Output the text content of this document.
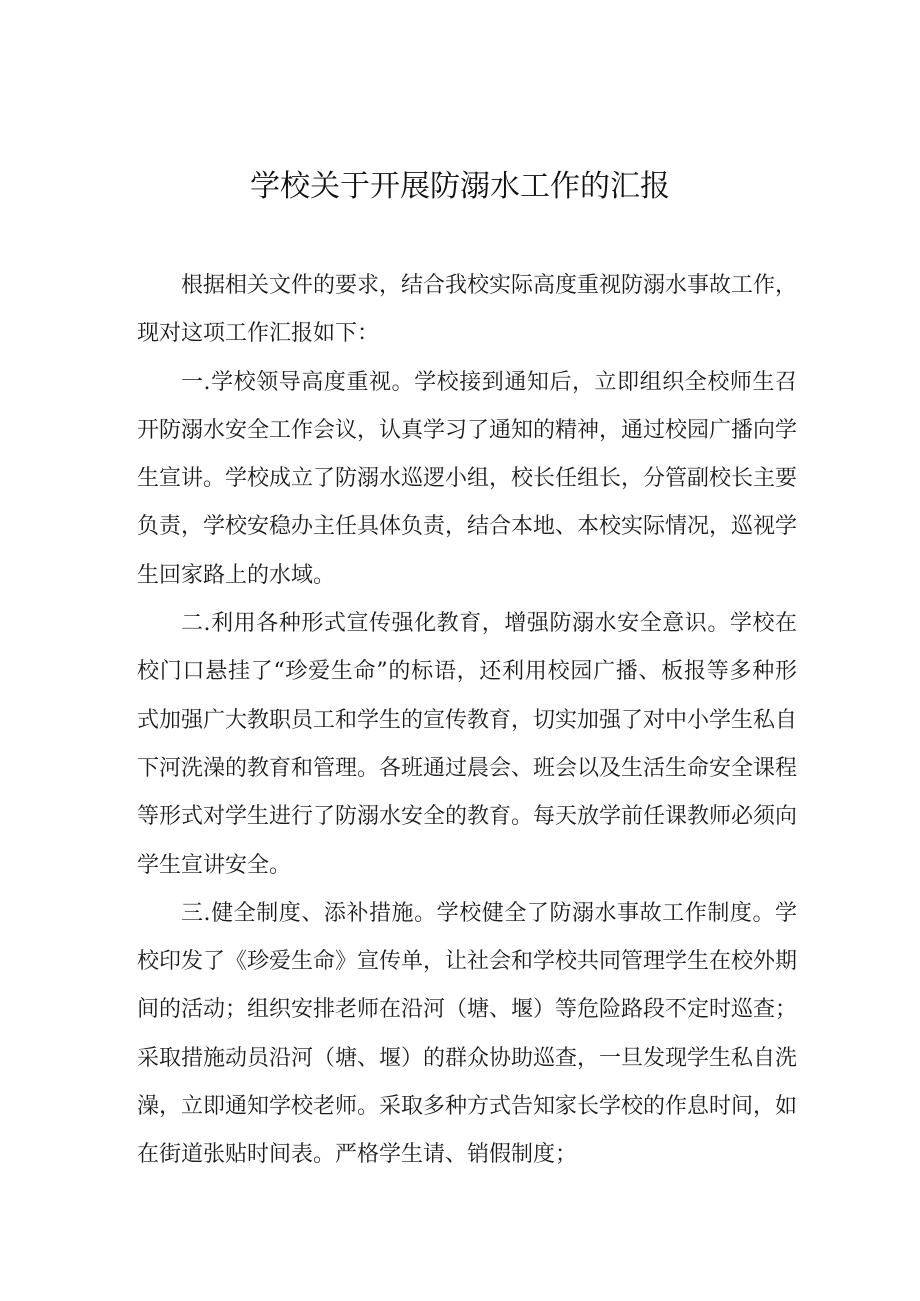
学校关于开展防溺水工作的汇报

根据相关文件的要求，结合我校实际高度重视防溺水事故工作，现对这项工作汇报如下：

一.学校领导高度重视。学校接到通知后，立即组织全校师生召开防溺水安全工作会议，认真学习了通知的精神，通过校园广播向学生宣讲。学校成立了防溺水巡逻小组，校长任组长，分管副校长主要负责，学校安稳办主任具体负责，结合本地、本校实际情况，巡视学生回家路上的水域。

二.利用各种形式宣传强化教育，增强防溺水安全意识。学校在校门口悬挂了“珍爱生命”的标语，还利用校园广播、板报等多种形式加强广大教职员工和学生的宣传教育，切实加强了对中小学生私自下河洗澡的教育和管理。各班通过晨会、班会以及生活生命安全课程等形式对学生进行了防溺水安全的教育。每天放学前任课教师必须向学生宣讲安全。

三.健全制度、添补措施。学校健全了防溺水事故工作制度。学校印发了《珍爱生命》宣传单，让社会和学校共同管理学生在校外期间的活动；组织安排老师在沿河（塘、堰）等危险路段不定时巡查；采取措施动员沿河（塘、堰）的群众协助巡查，一旦发现学生私自洗澡，立即通知学校老师。采取多种方式告知家长学校的作息时间，如在街道张贴时间表。严格学生请、销假制度；
